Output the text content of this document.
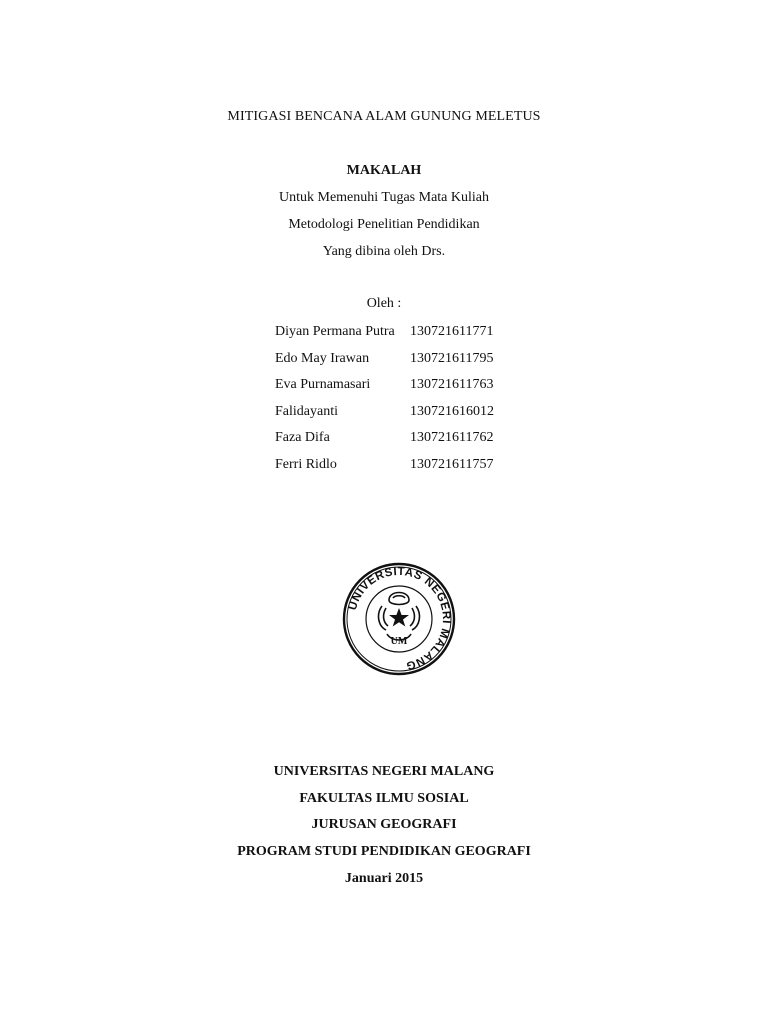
MITIGASI BENCANA ALAM GUNUNG MELETUS
MAKALAH
Untuk Memenuhi Tugas Mata Kuliah
Metodologi Penelitian Pendidikan
Yang dibina oleh Drs.
Oleh :
Diyan Permana Putra 130721611771
Edo May Irawan	130721611795
Eva Purnamasari	130721611763
Falidayanti	130721616012
Faza Difa	130721611762
Ferri Ridlo	130721611757
UNIVERSITAS NEGERI MALANG
UM
UNIVERSITAS NEGERI MALANG
FAKULTAS ILMU SOSIAL
JURUSAN GEOGRAFI
PROGRAM STUDI PENDIDIKAN GEOGRAFI
Januari 2015
